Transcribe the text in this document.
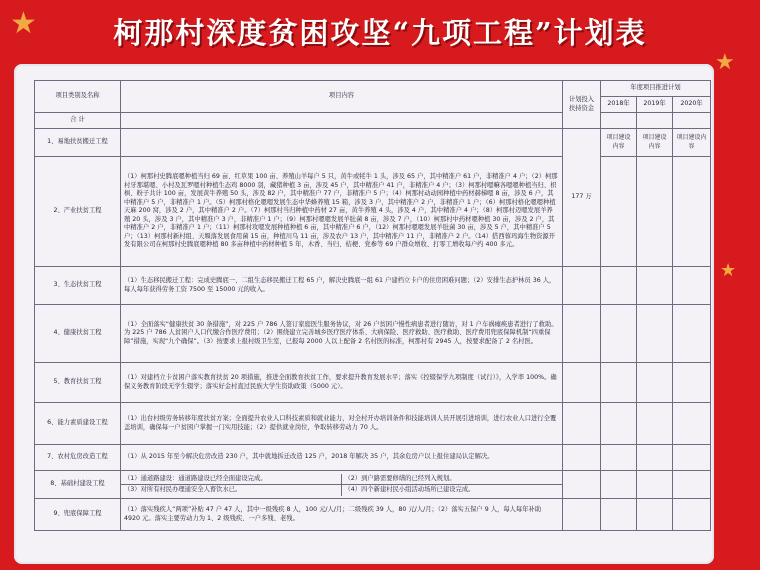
★
★
★
柯那村深度贫困攻坚“九项工程”计划表
项目类别及名称	项目内容	计划投入扶持资金	年度项目推进计划		
			2018年	2019年	2020年
合 计					
1、易地扶贫搬迁工程		177 万	项目建设内容	项目建设内容	项目建设内容
2、产业扶贫工程	（1）柯那村史腾底嗯种植当归 69 亩、红草果 100 亩、养殖山羊每户 5 只，黄牛或牦牛 1 头，涉及 65 户，其中精准户 61 户，非精准户 4 户；（2）柯那村牙那堪嗯、小村及瓦罗嗯村种植生态鸡 8000 羽，藏猪种植 3 亩，涉及 45 户，其中精准户 41 户，非精准户 4 户；（3）柯那村嗯嘛各嗯嗯种植当归、枳椇、粉子共计 100 亩，发展黄牛养殖 50 头，涉及 82 户，其中精准户 77 户，非精准户 5 户；（4）柯那村动动园种植中药材赫梯嗯 8 亩，涉及 6 户，其中精准户 5 户，非精准户 1 户。（5）柯那村格化嗯嗯发展生态中华蜂养殖 15 箱，涉及 3 户，其中精准户 2 户，非精准户 1 户；（6）柯那村格化嗯嗯种植天麻 200 窝，涉及 2 户，其中精准户 2 户。（7）柯那村当归种植中药材 27 亩，黄牛养殖 4 头，涉及 4 户，其中精准户 4 户；（8）柯那村迈嗯发展羊养殖 20 头，涉及 3 户，其中精准户 3 户，非精准户 1 户；（9）柯那村嗯嗯发展羊肚菌 8 亩，涉及 7 户，（10）柯那村中药材嗯种植 30 亩，涉及 2 户，其中精准户 2 户，非精准户 1 户；（11）柯那村攻嗯发展种植种植 6 亩，其中精准户 6 户，（12）柯那村嗯嗯发展羊肚菌 30 亩，涉及 5 户，其中精准户 5 户；（13）柯那村新村组、天堰落发展食用菌 15 亩，种植川乌 11 亩，涉及农户 13 户，其中精准户 11 户，非精准户 2 户。（14）搭西蓉玛海生物资源开发有限公司在柯那村史腾底嗯种植 80 多亩种植中药材种植 5 年，木香、当归、桔梗、党参等 69 户群众增收、打零工增收每户约 400 多元。				
3、生态扶贫工程	（1）生态移民搬迁工程：完成史腾底一、二组生态移民搬迁工程 65 户，解决史腾底一组 61 户建档立卡户的住房困难问题；（2）安排生态护林员 36 人，每人每年获得劳务工资 7500 至 15000 元的收入。				
4、健康扶贫工程	（1）全面落实“健康扶贫 30 条措施”，对 225 户 786 人签订家庭医生服务协议，对 26 户贫困户慢性病患者进行随访，对 1 户车祸瘫痪患者进行了救助。为 225 户 786 人贫困户人口代缴合作医疗费用；（2）围绕建立完善城乡医疗医疗体系、大病保险、医疗救助、医疗救助、医疗费用兜底保障机制“四重保障”措施，实现“九个确保”。（3）按要求上报村级卫生室，已报每 2000 人以上配备 2 名村医的标准，柯那村有 2945 人，按要求配备了 2 名村医。				
5、教育扶贫工程	（1）对建档立卡贫困户落实教育扶贫 20 项措施，推进全面教育扶贫工作，要求提升教育发展水平；落实《控辍保学九项制度（试行）》，入学率 100%。确保义务教育阶段无学生辍学；落实好金村直过民族大学生资助政策（5000 元）。				
6、能力素质建设工程	（1）出台村级劳务转移年度扶贫方案；全面提升农业人口科技素质和就业能力，对全村开办培训条件和技能培训人员开展引进培训，进行农业人口进行全覆盖培训，确保每一户贫困户掌握一门实用技能；（2）提供就业岗位，争取转移劳动力 70 人。				
7、农村危房改造工程	（1）从 2015 年至今解决危房改造 230 户，其中就地拆迁改造 125 户，2018 年解决 35 户，其余危房户以上报住建局认定解决。				
8、基础村建设工程	（1）通道路建设：通道路建设已经全面建设完成。 （2）到户路需要修缮的已经列入规划。
（3）对所有村民办理通安全人畜饮水已。 （4）四个新建村民小组活动场所已建设完成。				

9、兜底保障工程	（1）落实残疾人“两项”补贴 47 户 47 人，其中一级残疾 8 人，100 元/人/月；二级残疾 39 人，80 元/人/月；（2）落实五保户 9 人，每人每年补助 4920 元。落实主要劳动力为 1、2 级残疾、一户多残、老残。				
